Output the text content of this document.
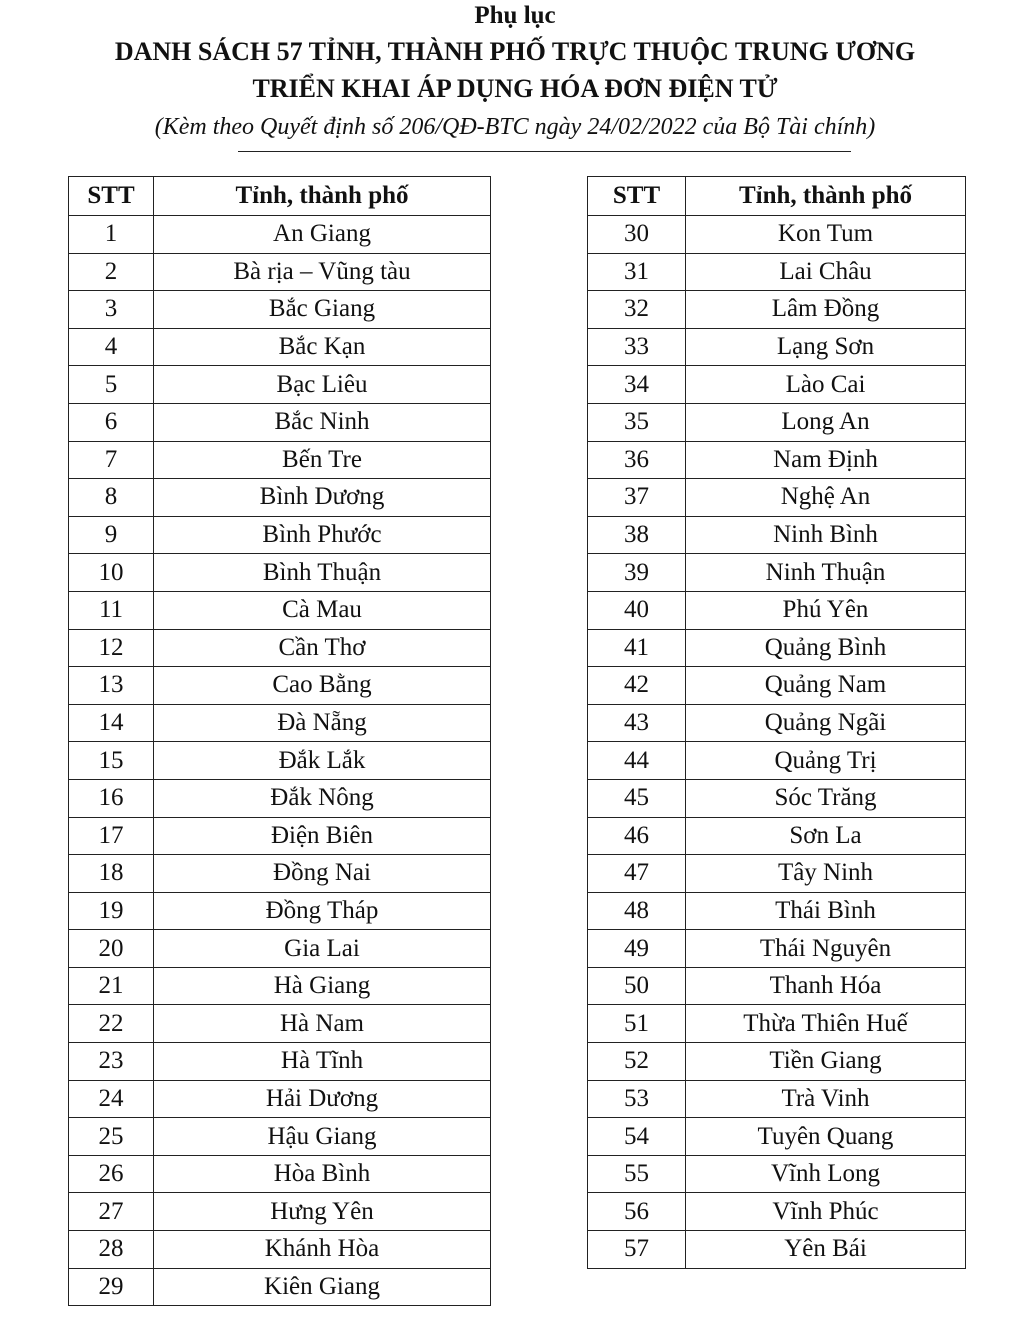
Phụ lục
DANH SÁCH 57 TỈNH, THÀNH PHỐ TRỰC THUỘC TRUNG ƯƠNG
TRIỂN KHAI ÁP DỤNG HÓA ĐƠN ĐIỆN TỬ
(Kèm theo Quyết định số 206/QĐ-BTC ngày 24/02/2022 của Bộ Tài chính)
STT	Tỉnh, thành phố
1	An Giang
2	Bà rịa – Vũng tàu
3	Bắc Giang
4	Bắc Kạn
5	Bạc Liêu
6	Bắc Ninh
7	Bến Tre
8	Bình Dương
9	Bình Phước
10	Bình Thuận
11	Cà Mau
12	Cần Thơ
13	Cao Bằng
14	Đà Nẵng
15	Đắk Lắk
16	Đắk Nông
17	Điện Biên
18	Đồng Nai
19	Đồng Tháp
20	Gia Lai
21	Hà Giang
22	Hà Nam
23	Hà Tĩnh
24	Hải Dương
25	Hậu Giang
26	Hòa Bình
27	Hưng Yên
28	Khánh Hòa
29	Kiên Giang
STT	Tỉnh, thành phố
30	Kon Tum
31	Lai Châu
32	Lâm Đồng
33	Lạng Sơn
34	Lào Cai
35	Long An
36	Nam Định
37	Nghệ An
38	Ninh Bình
39	Ninh Thuận
40	Phú Yên
41	Quảng Bình
42	Quảng Nam
43	Quảng Ngãi
44	Quảng Trị
45	Sóc Trăng
46	Sơn La
47	Tây Ninh
48	Thái Bình
49	Thái Nguyên
50	Thanh Hóa
51	Thừa Thiên Huế
52	Tiền Giang
53	Trà Vinh
54	Tuyên Quang
55	Vĩnh Long
56	Vĩnh Phúc
57	Yên Bái
